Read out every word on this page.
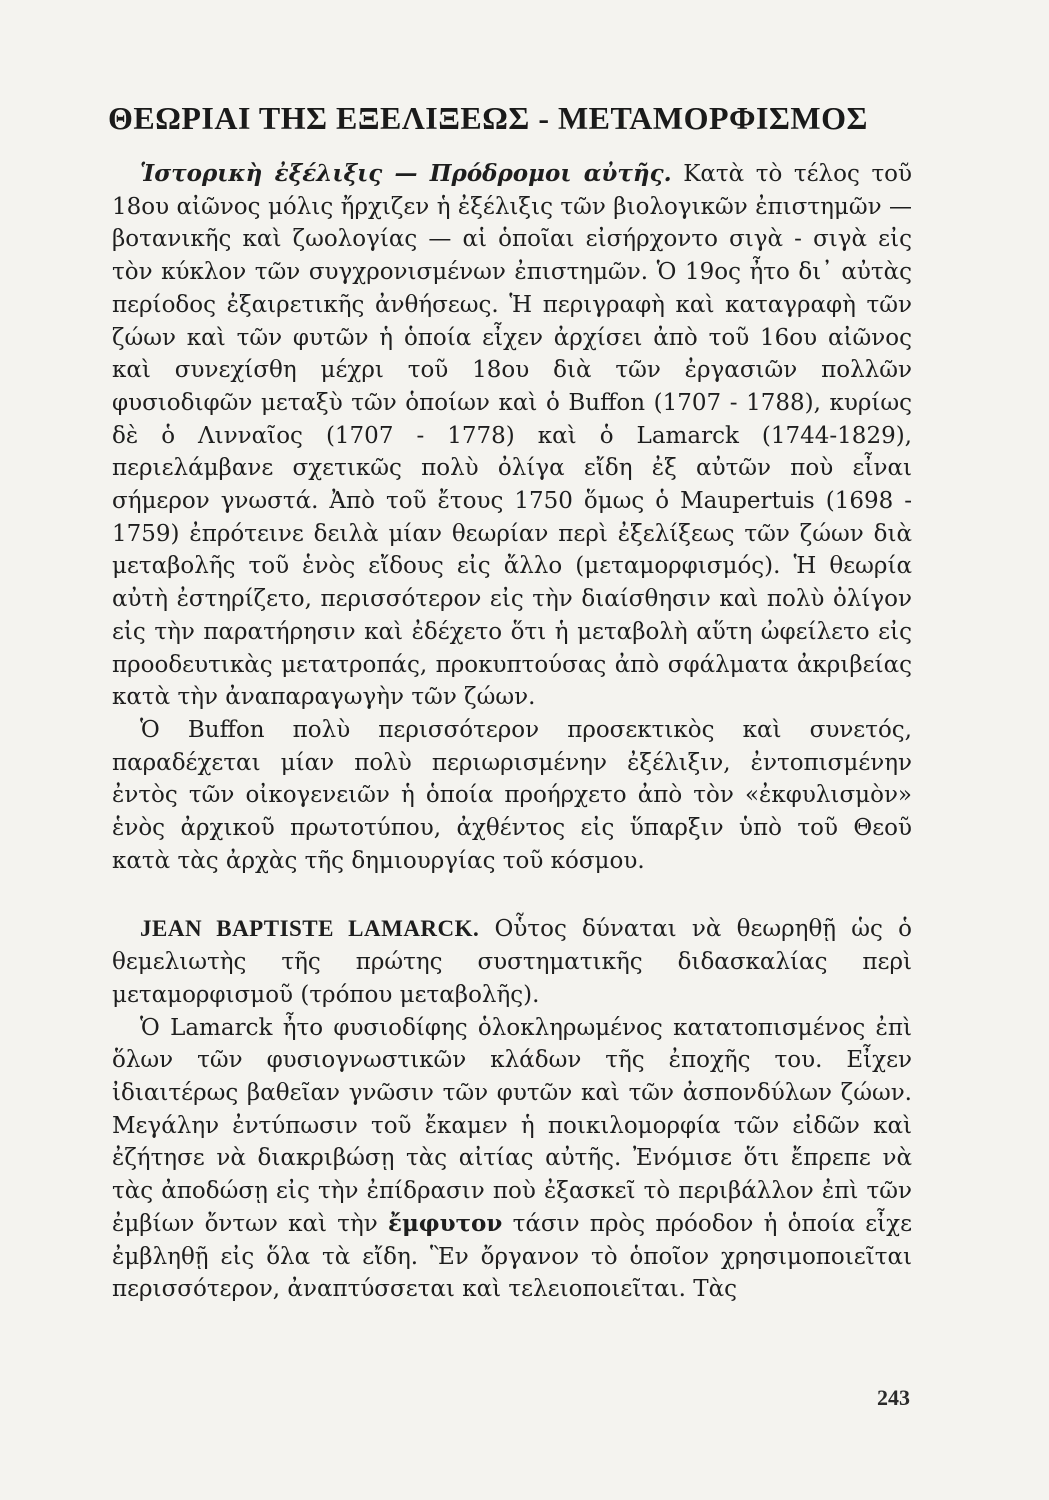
ΘΕΩΡΙΑΙ ΤΗΣ ΕΞΕΛΙΞΕΩΣ - ΜΕΤΑΜΟΡΦΙΣΜΟΣ

Ἱστορικὴ ἐξέλιξις — Πρόδρομοι αὐτῆς. Κατὰ τὸ τέλος τοῦ 18ου αἰῶνος μόλις ἤρχιζεν ἡ ἐξέλιξις τῶν βιολογικῶν ἐπιστημῶν — βοτανικῆς καὶ ζωολογίας — αἱ ὁποῖαι εἰσήρχοντο σιγὰ - σιγὰ εἰς τὸν κύκλον τῶν συγχρονισμένων ἐπιστημῶν. Ὁ 19ος ἦτο δι᾽ αὐτὰς περίοδος ἐξαιρετικῆς ἀνθήσεως. Ἡ περιγραφὴ καὶ καταγραφὴ τῶν ζώων καὶ τῶν φυτῶν ἡ ὁποία εἶχεν ἀρχίσει ἀπὸ τοῦ 16ου αἰῶνος καὶ συνεχίσθη μέχρι τοῦ 18ου διὰ τῶν ἐργασιῶν πολλῶν φυσιοδιφῶν μεταξὺ τῶν ὁποίων καὶ ὁ Buffon (1707 - 1788), κυρίως δὲ ὁ Λινναῖος (1707 - 1778) καὶ ὁ Lamarck (1744-1829), περιελάμβανε σχετικῶς πολὺ ὀλίγα εἴδη ἐξ αὐτῶν ποὺ εἶναι σήμερον γνωστά. Ἀπὸ τοῦ ἔτους 1750 ὅμως ὁ Maupertuis (1698 - 1759) ἐπρότεινε δειλὰ μίαν θεωρίαν περὶ ἐξελίξεως τῶν ζώων διὰ μεταβολῆς τοῦ ἑνὸς εἴδους εἰς ἄλλο (μεταμορφισμός). Ἡ θεωρία αὐτὴ ἐστηρίζετο, περισσότερον εἰς τὴν διαίσθησιν καὶ πολὺ ὀλίγον εἰς τὴν παρατήρησιν καὶ ἐδέχετο ὅτι ἡ μεταβολὴ αὕτη ὠφείλετο εἰς προοδευτικὰς μετατροπάς, προκυπτούσας ἀπὸ σφάλματα ἀκριβείας κατὰ τὴν ἀναπαραγωγὴν τῶν ζώων.

Ὁ Buffon πολὺ περισσότερον προσεκτικὸς καὶ συνετός, παραδέχεται μίαν πολὺ περιωρισμένην ἐξέλιξιν, ἐντοπισμένην ἐντὸς τῶν οἰκογενειῶν ἡ ὁποία προήρχετο ἀπὸ τὸν «ἐκφυλισμὸν» ἑνὸς ἀρχικοῦ πρωτοτύπου, ἀχθέντος εἰς ὕπαρξιν ὑπὸ τοῦ Θεοῦ κατὰ τὰς ἀρχὰς τῆς δημιουργίας τοῦ κόσμου.

JEAN BAPTISTE LAMARCK. Οὗτος δύναται νὰ θεωρηθῇ ὡς ὁ θεμελιωτὴς τῆς πρώτης συστηματικῆς διδασκαλίας περὶ μεταμορφισμοῦ (τρόπου μεταβολῆς).

Ὁ Lamarck ἦτο φυσιοδίφης ὁλοκληρωμένος κατατοπισμένος ἐπὶ ὅλων τῶν φυσιογνωστικῶν κλάδων τῆς ἐποχῆς του. Εἶχεν ἰδιαιτέρως βαθεῖαν γνῶσιν τῶν φυτῶν καὶ τῶν ἀσπονδύλων ζώων. Μεγάλην ἐντύπωσιν τοῦ ἔκαμεν ἡ ποικιλομορφία τῶν εἰδῶν καὶ ἐζήτησε νὰ διακριβώσῃ τὰς αἰτίας αὐτῆς. Ἐνόμισε ὅτι ἔπρεπε νὰ τὰς ἀποδώσῃ εἰς τὴν ἐπίδρασιν ποὺ ἐξασκεῖ τὸ περιβάλλον ἐπὶ τῶν ἐμβίων ὄντων καὶ τὴν ἔμφυτον τάσιν πρὸς πρόοδον ἡ ὁποία εἶχε ἐμβληθῇ εἰς ὅλα τὰ εἴδη. Ἓν ὄργανον τὸ ὁποῖον χρησιμοποιεῖται περισσότερον, ἀναπτύσσεται καὶ τελειοποιεῖται. Τὰς

243
